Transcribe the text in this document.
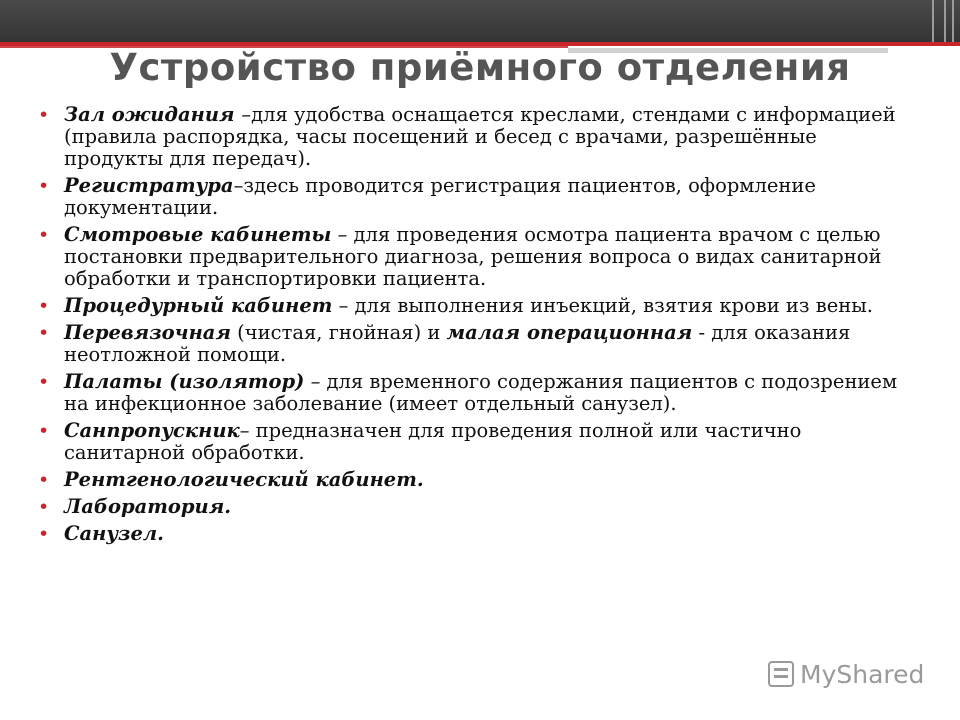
Устройство приёмного отделения
• Зал ожидания –для удобства оснащается креслами, стендами с информацией (правила распорядка, часы посещений и бесед с врачами, разрешённые продукты для передач).
• Регистратура–здесь проводится регистрация пациентов, оформление документации.
• Смотровые кабинеты – для проведения осмотра пациента врачом с целью постановки предварительного диагноза, решения вопроса о видах санитарной обработки и транспортировки пациента.
• Процедурный кабинет – для выполнения инъекций, взятия крови из вены.
• Перевязочная (чистая, гнойная) и малая операционная - для оказания неотложной помощи.
• Палаты (изолятор) – для временного содержания пациентов с подозрением на инфекционное заболевание (имеет отдельный санузел).
• Санпропускник– предназначен для проведения полной или частично санитарной обработки.
• Рентгенологический кабинет.
• Лаборатория.
• Санузел.
MyShared
